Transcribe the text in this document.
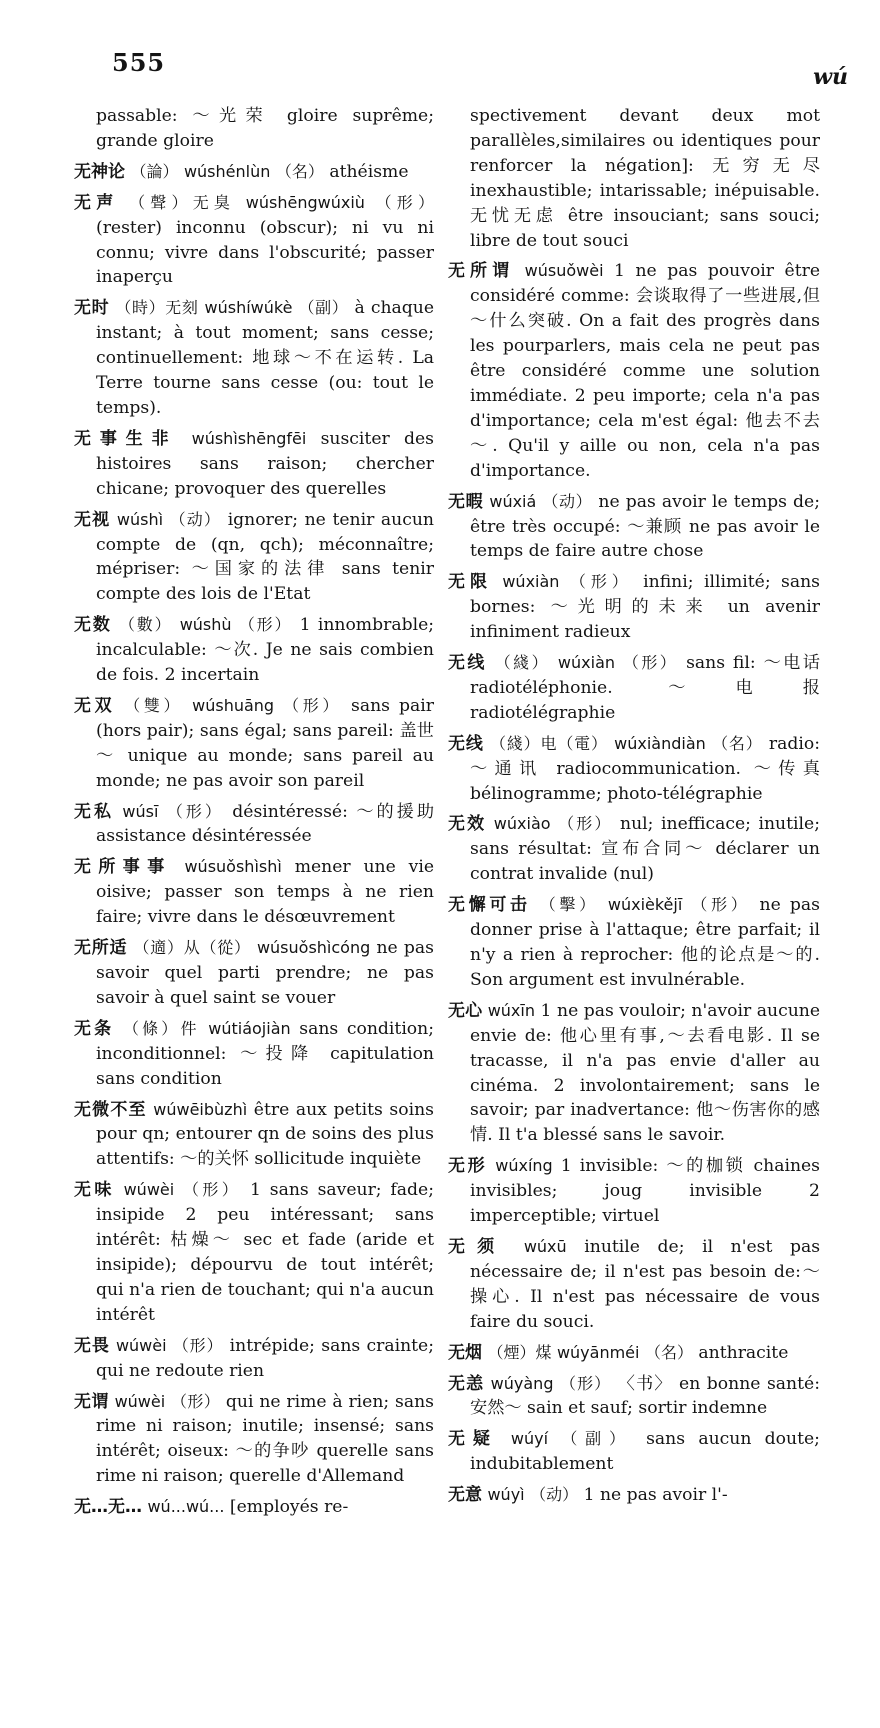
555	wú
passable: ～光荣 gloire suprême; grande gloire
无神论 （論） wúshénlùn （名） athéisme
无声 （聲）无臭 wúshēngwúxiù （形） (rester) inconnu (obscur); ni vu ni connu; vivre dans l'obscurité; passer inaperçu
无时 （時）无刻 wúshíwúkè （副） à chaque instant; à tout moment; sans cesse; continuellement: 地球～不在运转. La Terre tourne sans cesse (ou: tout le temps).
无事生非 wúshìshēngfēi susciter des histoires sans raison; chercher chicane; provoquer des querelles
无视 wúshì （动） ignorer; ne tenir aucun compte de (qn, qch); méconnaître; mépriser: ～国家的法律 sans tenir compte des lois de l'Etat
无数 （數） wúshù （形） 1 innombrable; incalculable: ～次. Je ne sais combien de fois. 2 incertain
无双 （雙） wúshuāng （形） sans pair (hors pair); sans égal; sans pareil: 盖世～ unique au monde; sans pareil au monde; ne pas avoir son pareil
无私 wúsī （形） désintéressé: ～的援助 assistance désintéressée
无所事事 wúsuǒshìshì mener une vie oisive; passer son temps à ne rien faire; vivre dans le désœuvrement
无所适 （適）从（從） wúsuǒshìcóng ne pas savoir quel parti prendre; ne pas savoir à quel saint se vouer
无条 （條）件 wútiáojiàn sans condition; inconditionnel: ～投降 capitulation sans condition
无微不至 wúwēibùzhì être aux petits soins pour qn; entourer qn de soins des plus attentifs: ～的关怀 sollicitude inquiète
无味 wúwèi （形） 1 sans saveur; fade; insipide 2 peu intéressant; sans intérêt: 枯燥～ sec et fade (aride et insipide); dépourvu de tout intérêt; qui n'a rien de touchant; qui n'a aucun intérêt
无畏 wúwèi （形） intrépide; sans crainte; qui ne redoute rien
无谓 wúwèi （形） qui ne rime à rien; sans rime ni raison; inutile; insensé; sans intérêt; oiseux: ～的争吵 querelle sans rime ni raison; querelle d'Allemand
无…无… wú...wú... [employés re-
spectivement devant deux mot parallèles,similaires ou identiques pour renforcer la négation]: 无穷无尽 inexhaustible; intarissable; inépuisable. 无忧无虑 être insouciant; sans souci; libre de tout souci
无所谓 wúsuǒwèi 1 ne pas pouvoir être considéré comme: 会谈取得了一些进展,但～什么突破. On a fait des progrès dans les pourparlers, mais cela ne peut pas être considéré comme une solution immédiate. 2 peu importe; cela n'a pas d'importance; cela m'est égal: 他去不去～. Qu'il y aille ou non, cela n'a pas d'importance.
无暇 wúxiá （动） ne pas avoir le temps de; être très occupé: ～兼顾 ne pas avoir le temps de faire autre chose
无限 wúxiàn （形） infini; illimité; sans bornes: ～光明的未来 un avenir infiniment radieux
无线 （綫） wúxiàn （形） sans fil: ～电话 radiotéléphonie. ～电报 radiotélégraphie
无线 （綫）电（電） wúxiàndiàn （名） radio: ～通讯 radiocommunication. ～传真 bélinogramme; photo-télégraphie
无效 wúxiào （形） nul; inefficace; inutile; sans résultat: 宣布合同～ déclarer un contrat invalide (nul)
无懈可击 （擊） wúxièkějī （形） ne pas donner prise à l'attaque; être parfait; il n'y a rien à reprocher: 他的论点是～的. Son argument est invulnérable.
无心 wúxīn 1 ne pas vouloir; n'avoir aucune envie de: 他心里有事,～去看电影. Il se tracasse, il n'a pas envie d'aller au cinéma. 2 involontairement; sans le savoir; par inadvertance: 他～伤害你的感情. Il t'a blessé sans le savoir.
无形 wúxíng 1 invisible: ～的枷锁 chaines invisibles; joug invisible 2 imperceptible; virtuel
无须 wúxū inutile de; il n'est pas nécessaire de; il n'est pas besoin de:～操心. Il n'est pas nécessaire de vous faire du souci.
无烟 （煙）煤 wúyānméi （名） anthracite
无恙 wúyàng （形） 〈书〉 en bonne santé: 安然～ sain et sauf; sortir indemne
无疑 wúyí （副） sans aucun doute; indubitablement
无意 wúyì （动） 1 ne pas avoir l'-
